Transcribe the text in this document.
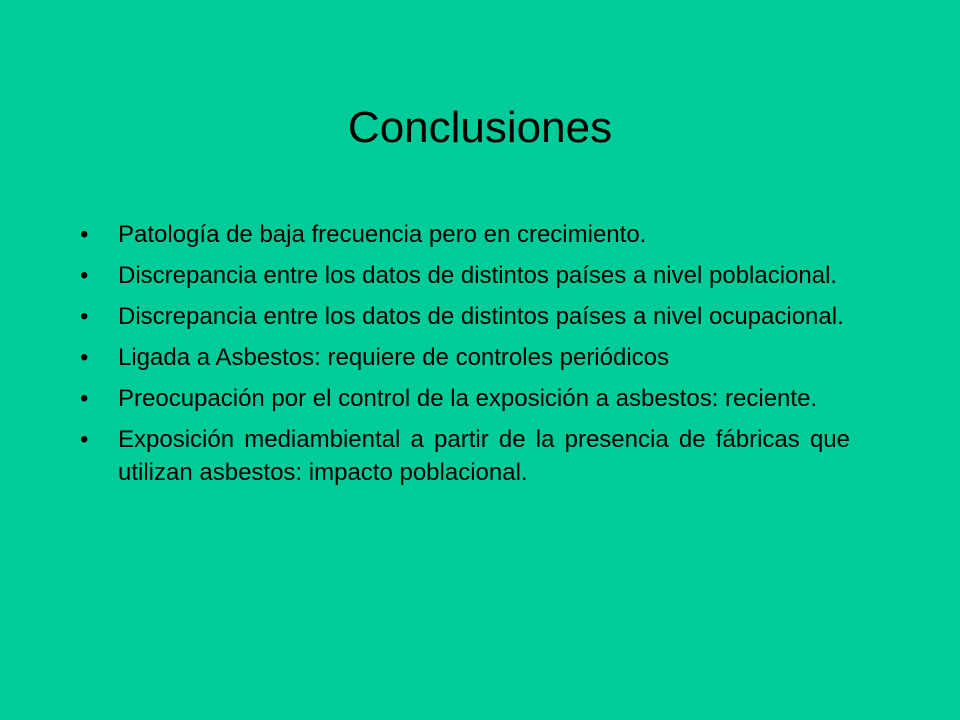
Conclusiones
•	Patología de baja frecuencia pero en crecimiento.
•	Discrepancia entre los datos de distintos países a nivel poblacional.
•	Discrepancia entre los datos de distintos países a nivel ocupacional.
•	Ligada a Asbestos: requiere de controles periódicos
•	Preocupación por el control de la exposición a asbestos: reciente.
•	Exposición mediambiental a partir de la presencia de fábricas que utilizan asbestos: impacto poblacional.
